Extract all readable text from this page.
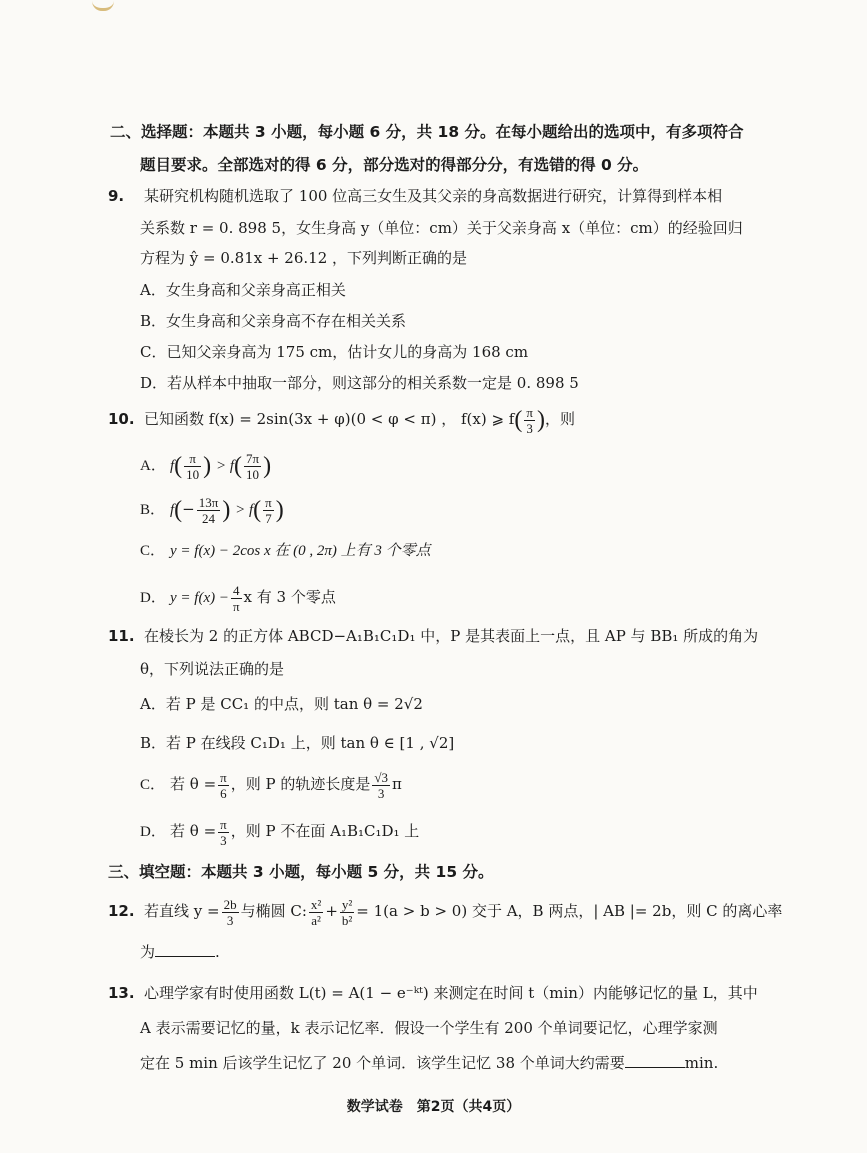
二、选择题：本题共 3 小题，每小题 6 分，共 18 分。在每小题给出的选项中，有多项符合
题目要求。全部选对的得 6 分，部分选对的得部分分，有选错的得 0 分。
9. 某研究机构随机选取了 100 位高三女生及其父亲的身高数据进行研究，计算得到样本相
关系数 r = 0. 898 5，女生身高 y（单位：cm）关于父亲身高 x（单位：cm）的经验回归
方程为 ŷ = 0.81x + 26.12 ，下列判断正确的是
A．女生身高和父亲身高正相关
B．女生身高和父亲身高不存在相关关系
C．已知父亲身高为 175 cm，估计女儿的身高为 168 cm
D．若从样本中抽取一部分，则这部分的相关系数一定是 0. 898 5
10. 已知函数 f(x) = 2sin(3x + φ)(0 < φ < π) ， f(x) ⩾ $f( \frac{\pi}{3}$ )，则
A． $f( \frac{\pi}{10}$ ) > $f( \frac{7\pi}{10}$ )
B． $f(- \frac{13\pi}{24}$ ) > $f( \frac{\pi}{7}$ )
C． y = f(x) − 2cos x 在 (0 , 2π) 上有 3 个零点
D． $y = f(x) - \frac{4}{\pi}$ x 有 3 个零点
11. 在棱长为 2 的正方体 ABCD−A₁B₁C₁D₁ 中，P 是其表面上一点，且 AP 与 BB₁ 所成的角为
θ，下列说法正确的是
A．若 P 是 CC₁ 的中点，则 tan θ = 2√2
B．若 P 在线段 C₁D₁ 上，则 tan θ ∈ [1 , √2]
C． 若 $\theta = \frac{\pi}{6}$ ，则 P 的轨迹长度是 $\frac{√3}{3}$ π
D． 若 $\theta = \frac{\pi}{3}$ ，则 P 不在面 A₁B₁C₁D₁ 上
三、填空题：本题共 3 小题，每小题 5 分，共 15 分。
12. 若直线 $y = \frac{2b}{3}$ 与椭圆 C: $\frac{\text{x²}}{\text{a²}} + \frac{\text{y²}}{\text{b²}} = 1(a > b > 0)$ 交于 A，B 两点，| AB |= 2b，则 C 的离心率
为	.
13. 心理学家有时使用函数 L(t) = A(1 − e⁻ᵏᵗ) 来测定在时间 t（min）内能够记忆的量 L，其中
A 表示需要记忆的量，k 表示记忆率．假设一个学生有 200 个单词要记忆，心理学家测
定在 5 min 后该学生记忆了 20 个单词．该学生记忆 38 个单词大约需要	min.
数学试卷　第2页（共4页）
